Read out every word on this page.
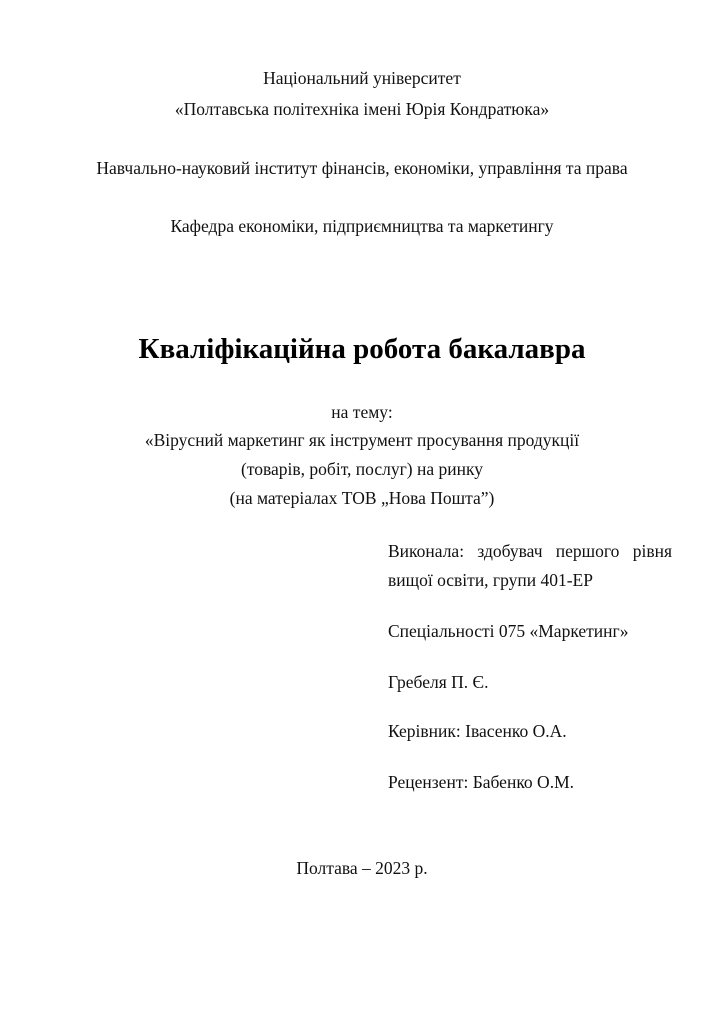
Національний університет
«Полтавська політехніка імені Юрія Кондратюка»
Навчально-науковий інститут фінансів, економіки, управління та права
Кафедра економіки, підприємництва та маркетингу
Кваліфікаційна робота бакалавра
на тему:
«Вірусний маркетинг як інструмент просування продукції
(товарів, робіт, послуг) на ринку
(на матеріалах ТОВ „Нова Пошта”)
Виконала: здобувач першого рівня
вищої освіти, групи 401-ЕР
Спеціальності 075 «Маркетинг»
Гребеля П. Є.
Керівник: Івасенко О.А.
Рецензент: Бабенко О.М.
Полтава – 2023 р.
